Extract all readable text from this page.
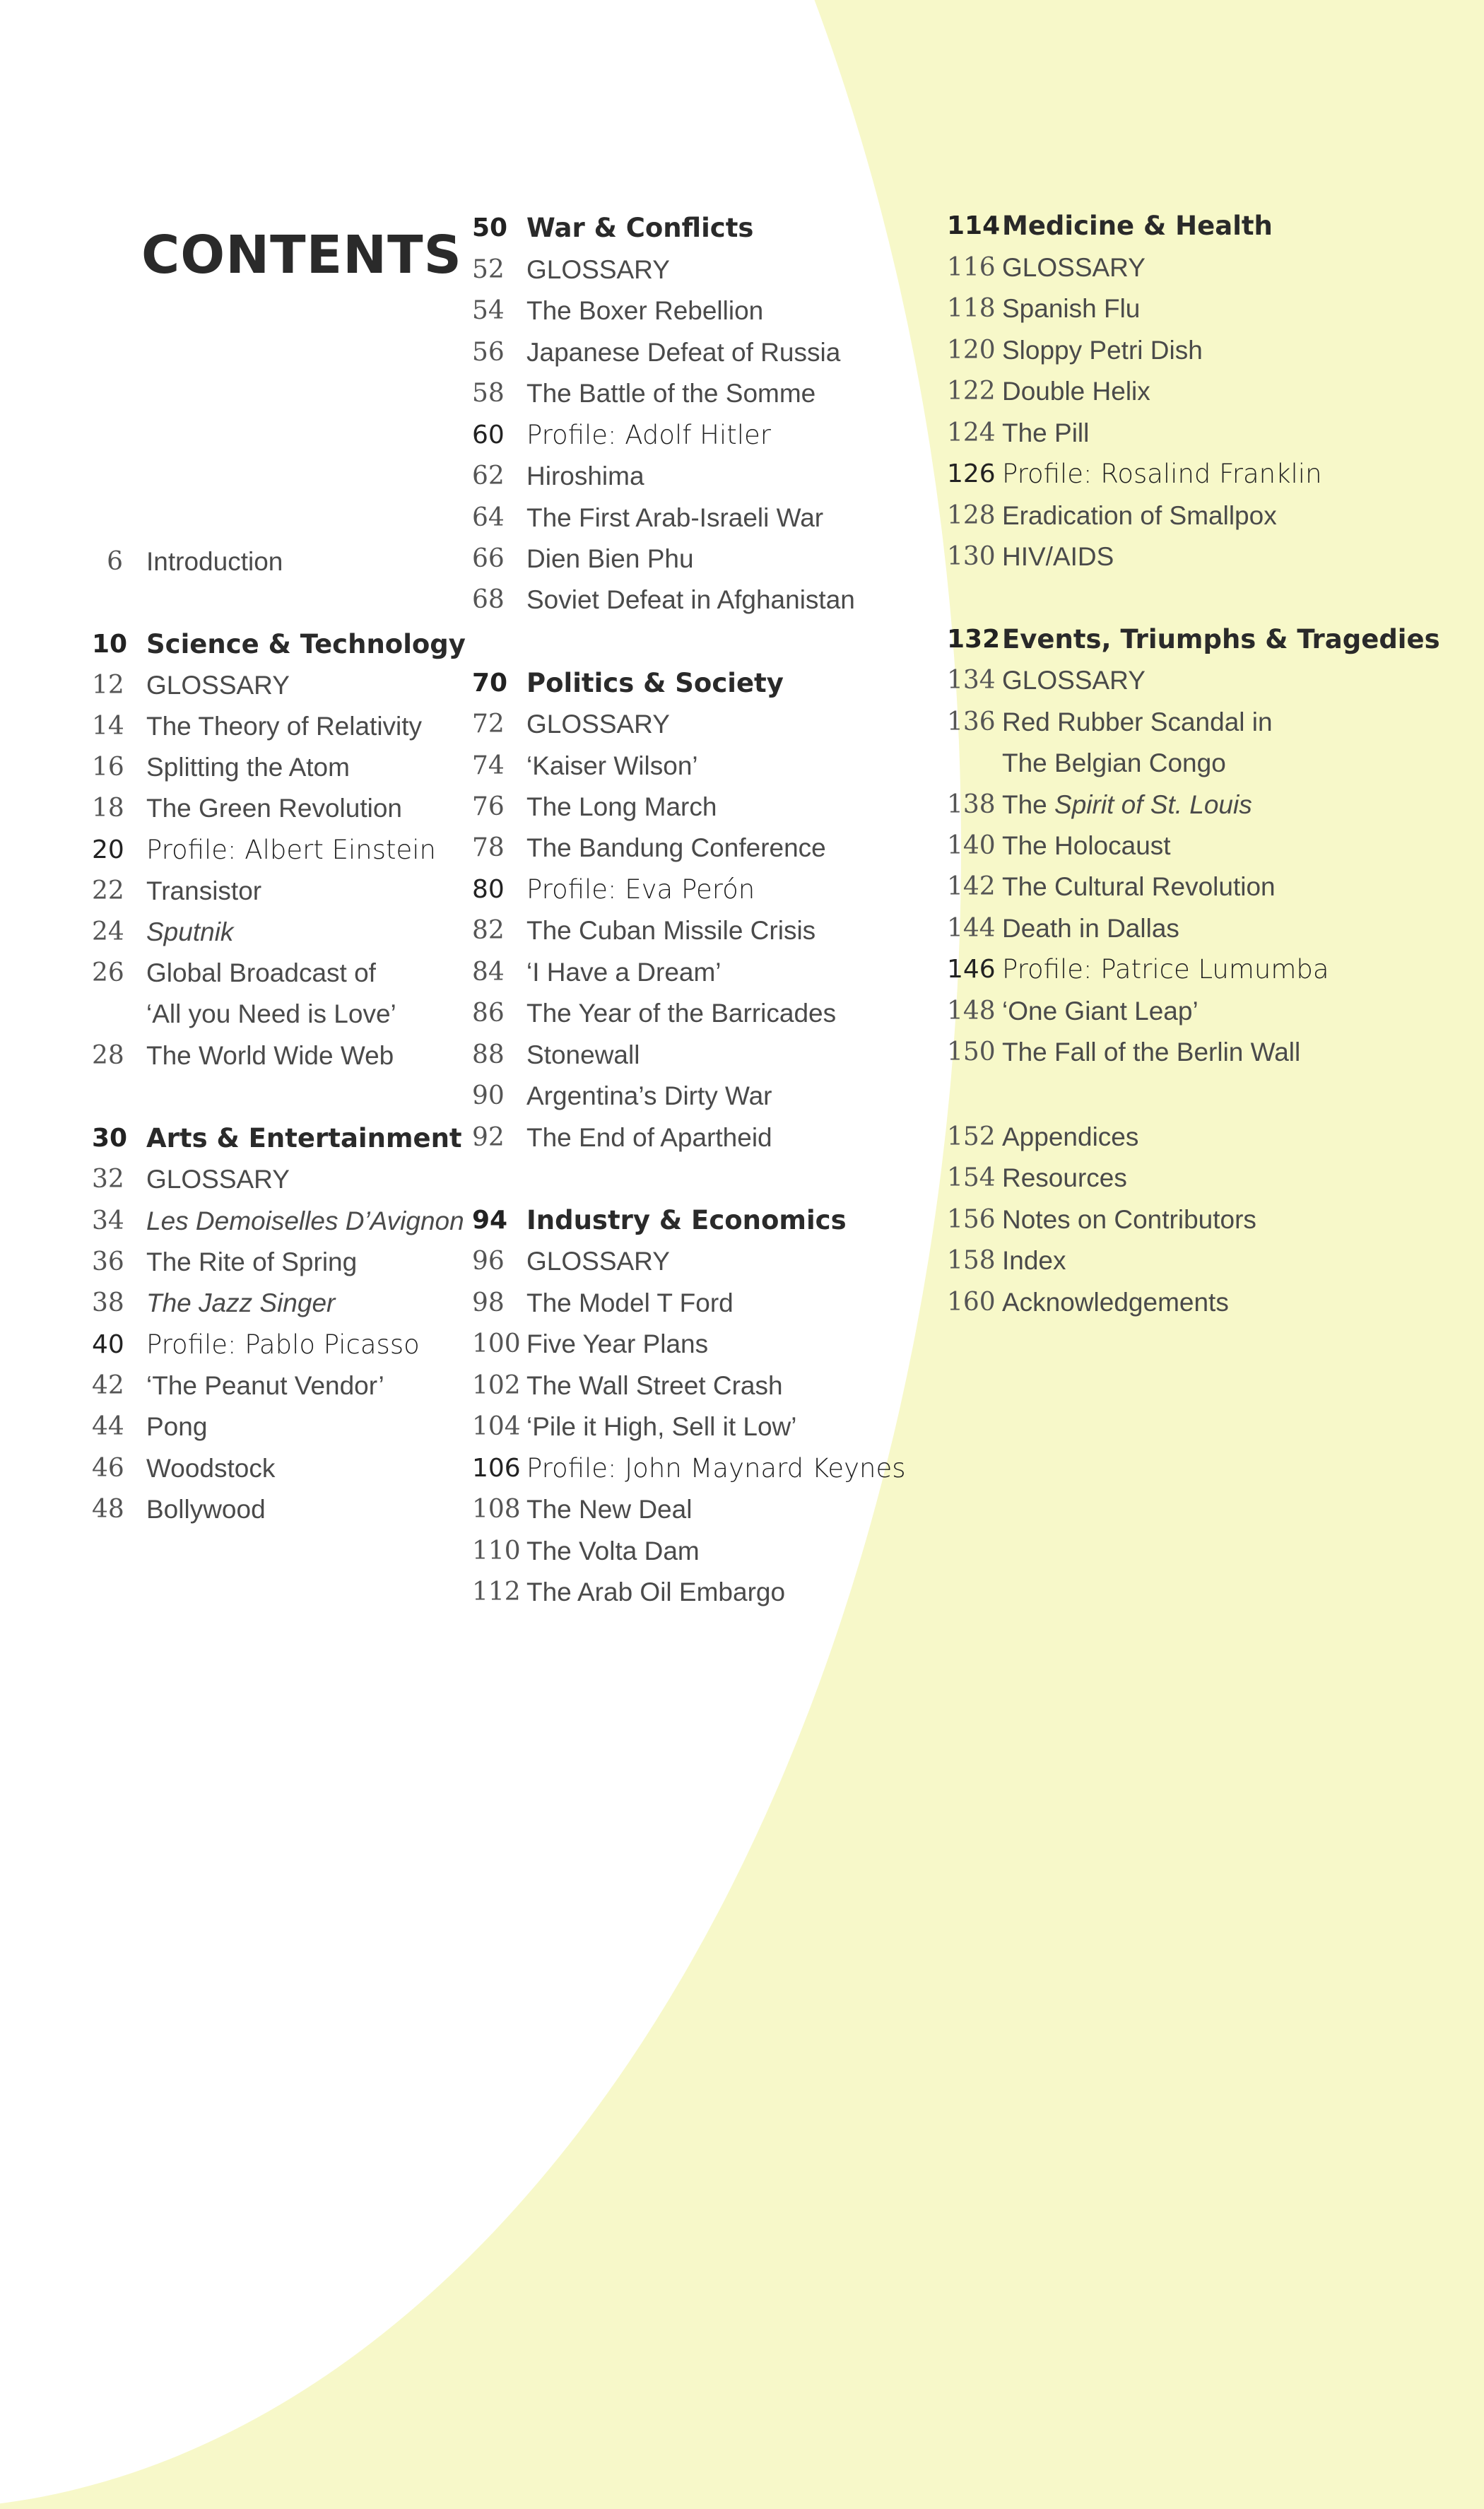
CONTENTS
6 Introduction
10 Science & Technology
12 GLOSSARY
14 The Theory of Relativity
16 Splitting the Atom
18 The Green Revolution
20 Profile: Albert Einstein
22 Transistor
24 Sputnik
26 Global Broadcast of
‘All you Need is Love’
28 The World Wide Web
30 Arts & Entertainment
32 GLOSSARY
34 Les Demoiselles D’Avignon
36 The Rite of Spring
38 The Jazz Singer
40 Profile: Pablo Picasso
42 ‘The Peanut Vendor’
44 Pong
46 Woodstock
48 Bollywood
50 War & Conflicts
52 GLOSSARY
54 The Boxer Rebellion
56 Japanese Defeat of Russia
58 The Battle of the Somme
60 Profile: Adolf Hitler
62 Hiroshima
64 The First Arab-Israeli War
66 Dien Bien Phu
68 Soviet Defeat in Afghanistan
70 Politics & Society
72 GLOSSARY
74 ‘Kaiser Wilson’
76 The Long March
78 The Bandung Conference
80 Profile: Eva Perón
82 The Cuban Missile Crisis
84 ‘I Have a Dream’
86 The Year of the Barricades
88 Stonewall
90 Argentina’s Dirty War
92 The End of Apartheid
94 Industry & Economics
96 GLOSSARY
98 The Model T Ford
100 Five Year Plans
102 The Wall Street Crash
104 ‘Pile it High, Sell it Low’
106 Profile: John Maynard Keynes
108 The New Deal
110 The Volta Dam
112 The Arab Oil Embargo
114 Medicine & Health
116 GLOSSARY
118 Spanish Flu
120 Sloppy Petri Dish
122 Double Helix
124 The Pill
126 Profile: Rosalind Franklin
128 Eradication of Smallpox
130 HIV/AIDS
132 Events, Triumphs & Tragedies
134 GLOSSARY
136 Red Rubber Scandal in
The Belgian Congo
138 The Spirit of St. Louis
140 The Holocaust
142 The Cultural Revolution
144 Death in Dallas
146 Profile: Patrice Lumumba
148 ‘One Giant Leap’
150 The Fall of the Berlin Wall
152 Appendices
154 Resources
156 Notes on Contributors
158 Index
160 Acknowledgements
